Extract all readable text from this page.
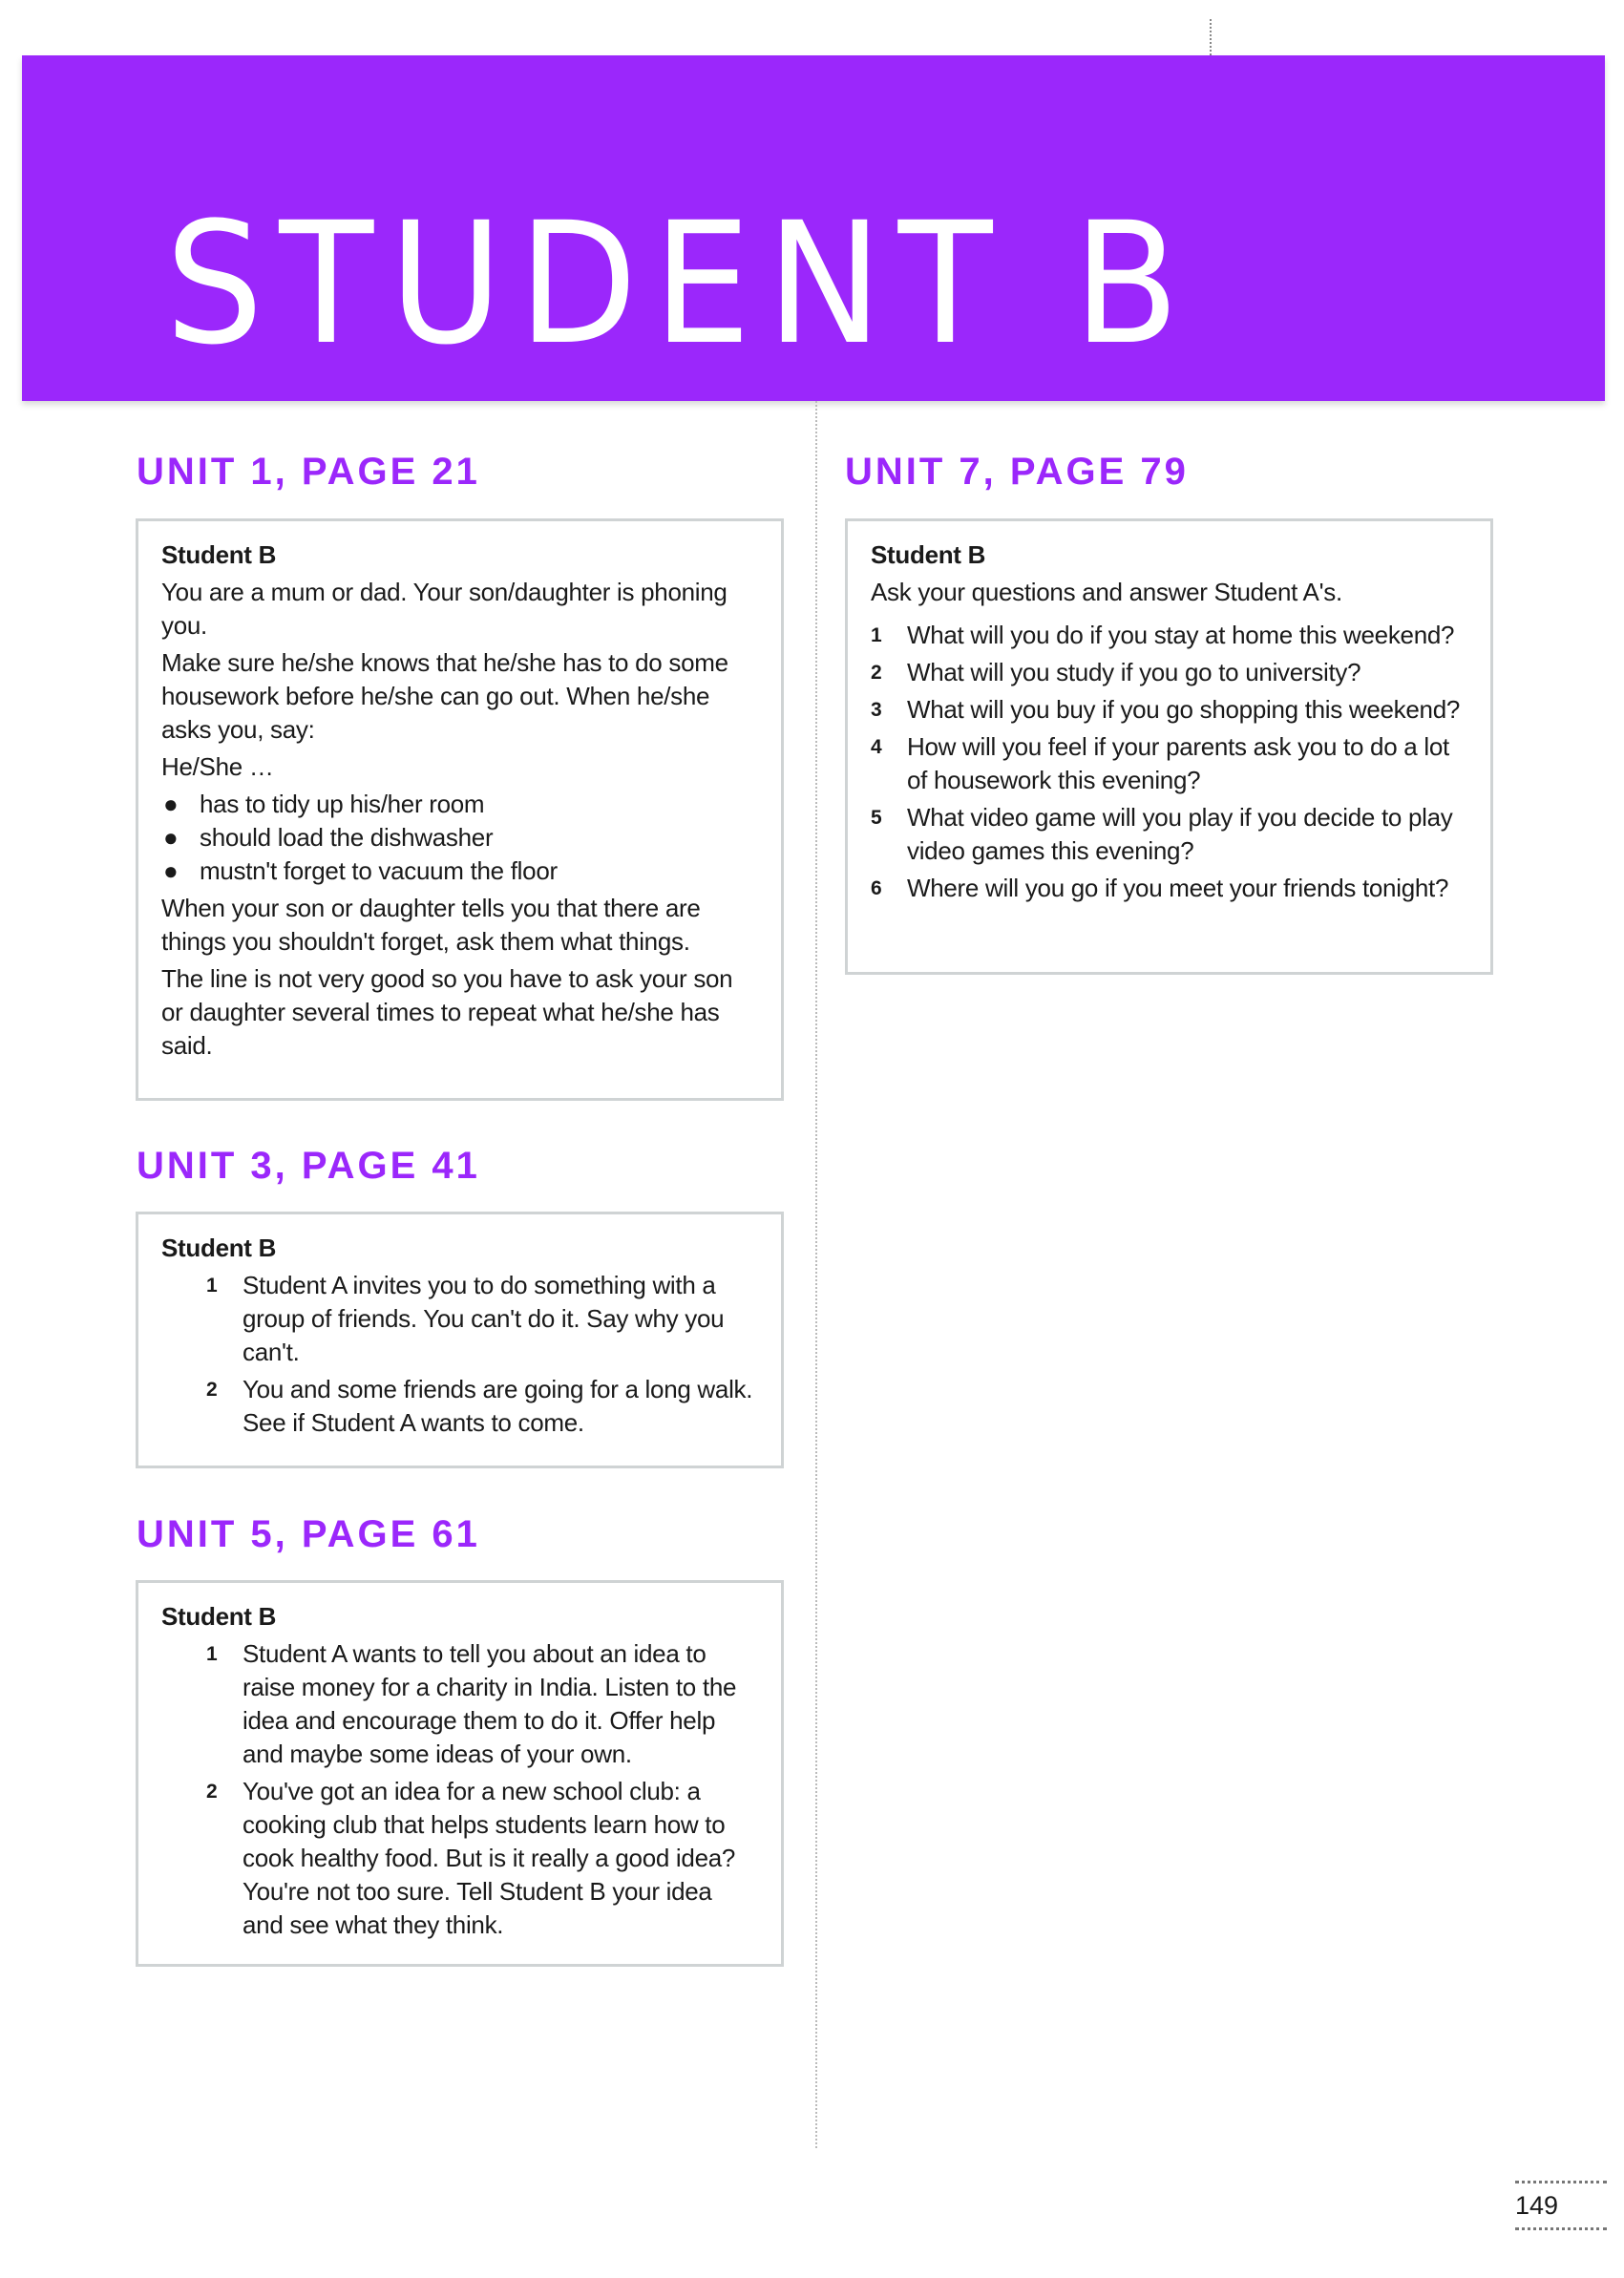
STUDENT B
UNIT 1, PAGE 21

Student B

You are a mum or dad. Your son/daughter is phoning you.

Make sure he/she knows that he/she has to do some housework before he/she can go out. When he/she asks you, say:

He/She …

● has to tidy up his/her room
● should load the dishwasher
● mustn't forget to vacuum the floor

When your son or daughter tells you that there are things you shouldn't forget, ask them what things.

The line is not very good so you have to ask your son or daughter several times to repeat what he/she has said.

UNIT 3, PAGE 41

Student B

1	Student A invites you to do something with a group of friends. You can't do it. Say why you can't.
2	You and some friends are going for a long walk. See if Student A wants to come.
UNIT 5, PAGE 61

Student B

1	Student A wants to tell you about an idea to raise money for a charity in India. Listen to the idea and encourage them to do it. Offer help and maybe some ideas of your own.
2	You've got an idea for a new school club: a cooking club that helps students learn how to cook healthy food. But is it really a good idea? You're not too sure. Tell Student B your idea and see what they think.
UNIT 7, PAGE 79

Student B

Ask your questions and answer Student A's.

1	What will you do if you stay at home this weekend?
2	What will you study if you go to university?
3	What will you buy if you go shopping this weekend?
4	How will you feel if your parents ask you to do a lot of housework this evening?
5	What video game will you play if you decide to play video games this evening?
6	Where will you go if you meet your friends tonight?
149
